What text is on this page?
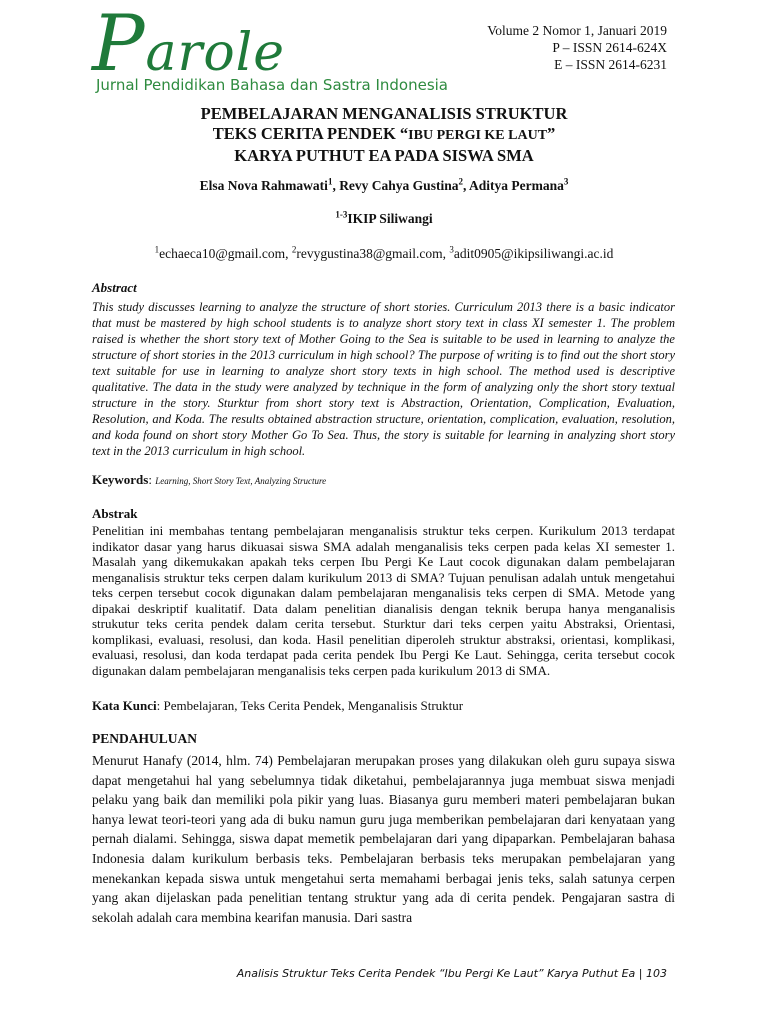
Parole
Jurnal Pendidikan Bahasa dan Sastra Indonesia
Volume 2 Nomor 1, Januari 2019
P – ISSN 2614-624X
E – ISSN 2614-6231
PEMBELAJARAN MENGANALISIS STRUKTUR
TEKS CERITA PENDEK “IBU PERGI KE LAUT”
KARYA PUTHUT EA PADA SISWA SMA
Elsa Nova Rahmawati$^1$, Revy Cahya Gustina$^2$, Aditya Permana$^3$
$^{1-3}$IKIP Siliwangi
$^1$echaeca10@gmail.com, $^2$revygustina38@gmail.com, $^3$adit0905@ikipsiliwangi.ac.id
Abstract
This study discusses learning to analyze the structure of short stories. Curriculum 2013 there is a basic indicator that must be mastered by high school students is to analyze short story text in class XI semester 1. The problem raised is whether the short story text of Mother Going to the Sea is suitable to be used in learning to analyze the structure of short stories in the 2013 curriculum in high school? The purpose of writing is to find out the short story text suitable for use in learning to analyze short story texts in high school. The method used is descriptive qualitative. The data in the study were analyzed by technique in the form of analyzing only the short story textual structure in the story. Sturktur from short story text is Abstraction, Orientation, Complication, Evaluation, Resolution, and Koda. The results obtained abstraction structure, orientation, complication, evaluation, resolution, and koda found on short story Mother Go To Sea. Thus, the story is suitable for learning in analyzing short story text in the 2013 curriculum in high school.
Keywords: Learning, Short Story Text, Analyzing Structure
Abstrak
Penelitian ini membahas tentang pembelajaran menganalisis struktur teks cerpen. Kurikulum 2013 terdapat indikator dasar yang harus dikuasai siswa SMA adalah menganalisis teks cerpen pada kelas XI semester 1. Masalah yang dikemukakan apakah teks cerpen Ibu Pergi Ke Laut cocok digunakan dalam pembelajaran menganalisis struktur teks cerpen dalam kurikulum 2013 di SMA? Tujuan penulisan adalah untuk mengetahui teks cerpen tersebut cocok digunakan dalam pembelajaran menganalisis teks cerpen di SMA. Metode yang dipakai deskriptif kualitatif. Data dalam penelitian dianalisis dengan teknik berupa hanya menganalisis strukutur teks cerita pendek dalam cerita tersebut. Sturktur dari teks cerpen yaitu Abstraksi, Orientasi, komplikasi, evaluasi, resolusi, dan koda. Hasil penelitian diperoleh struktur abstraksi, orientasi, komplikasi, evaluasi, resolusi, dan koda terdapat pada cerita pendek Ibu Pergi Ke Laut. Sehingga, cerita tersebut cocok digunakan dalam pembelajaran menganalisis teks cerpen pada kurikulum 2013 di SMA.
Kata Kunci: Pembelajaran, Teks Cerita Pendek, Menganalisis Struktur
PENDAHULUAN
Menurut Hanafy (2014, hlm. 74) Pembelajaran merupakan proses yang dilakukan oleh guru supaya siswa dapat mengetahui hal yang sebelumnya tidak diketahui, pembelajarannya juga membuat siswa menjadi pelaku yang baik dan memiliki pola pikir yang luas. Biasanya guru memberi materi pembelajaran bukan hanya lewat teori-teori yang ada di buku namun guru juga memberikan pembelajaran dari kenyataan yang pernah dialami. Sehingga, siswa dapat memetik pembelajaran dari yang dipaparkan. Pembelajaran bahasa Indonesia dalam kurikulum berbasis teks. Pembelajaran berbasis teks merupakan pembelajaran yang menekankan kepada siswa untuk mengetahui serta memahami berbagai jenis teks, salah satunya cerpen yang akan dijelaskan pada penelitian tentang struktur yang ada di cerita pendek. Pengajaran sastra di sekolah adalah cara membina kearifan manusia. Dari sastra
Analisis Struktur Teks Cerita Pendek “Ibu Pergi Ke Laut” Karya Puthut Ea | 103
